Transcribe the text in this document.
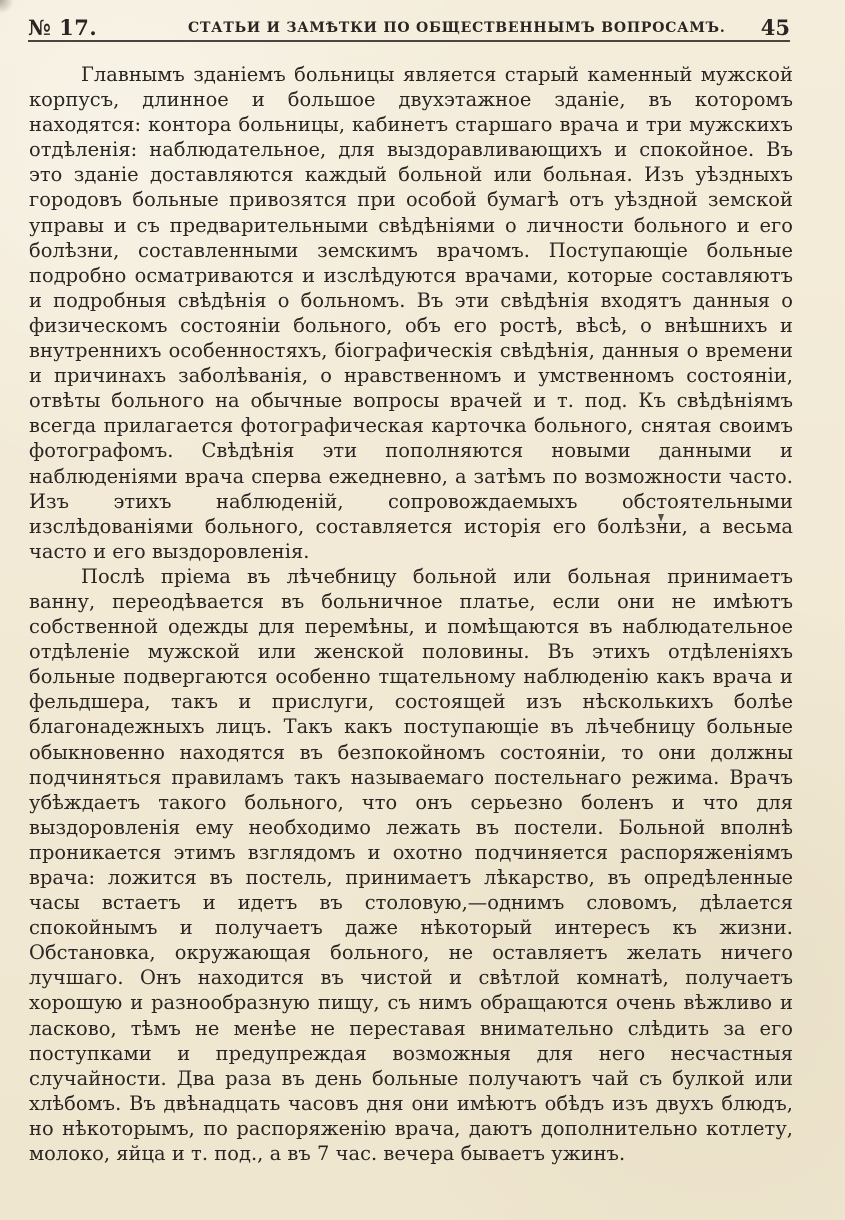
№ 17.	СТАТЬИ И ЗАМѢТКИ ПО ОБЩЕСТВЕННЫМЪ ВОПРОСАМЪ. 45

Главнымъ зданіемъ больницы является старый каменный мужской корпусъ, длинное и большое двухэтажное зданіе, въ которомъ находятся: контора больницы, кабинетъ старшаго врача и три мужскихъ отдѣленія: наблюдательное, для выздоравливающихъ и спокойное. Въ это зданіе доставляются каждый больной или больная. Изъ уѣздныхъ городовъ больные привозятся при особой бумагѣ отъ уѣздной земской управы и съ предварительными свѣдѣніями о личности больного и его болѣзни, составленными земскимъ врачомъ. Поступающіе больные подробно осматриваются и изслѣдуются врачами, которые составляютъ и подробныя свѣдѣнія о больномъ. Въ эти свѣдѣнія входятъ данныя о физическомъ состояніи больного, объ его ростѣ, вѣсѣ, о внѣшнихъ и внутреннихъ особенностяхъ, біографическія свѣдѣнія, данныя о времени и причинахъ заболѣванія, о нравственномъ и умственномъ состояніи, отвѣты больного на обычные вопросы врачей и т. под. Къ свѣдѣніямъ всегда прилагается фотографическая карточка больного, снятая своимъ фотографомъ. Свѣдѣнія эти пополняются новыми данными и наблюденіями врача сперва ежедневно, а затѣмъ по возможности часто. Изъ этихъ наблюденій, сопровождаемыхъ обстоятельными изслѣдованіями больного, составляется исторія его болѣзни, а весьма часто и его выздоровленія.

Послѣ пріема въ лѣчебницу больной или больная принимаетъ ванну, переодѣвается въ больничное платье, если они не имѣютъ собственной одежды для перемѣны, и помѣщаются въ наблюдательное отдѣленіе мужской или женской половины. Въ этихъ отдѣленіяхъ больные подвергаются особенно тщательному наблюденію какъ врача и фельдшера, такъ и прислуги, состоящей изъ нѣсколькихъ болѣе благонадежныхъ лицъ. Такъ какъ поступающіе въ лѣчебницу больные обыкновенно находятся въ безпокойномъ состояніи, то они должны подчиняться правиламъ такъ называемаго постельнаго режима. Врачъ убѣждаетъ такого больного, что онъ серьезно боленъ и что для выздоровленія ему необходимо лежать въ постели. Больной вполнѣ проникается этимъ взглядомъ и охотно подчиняется распоряженіямъ врача: ложится въ постель, принимаетъ лѣкарство, въ опредѣленные часы встаетъ и идетъ въ столовую,—однимъ словомъ, дѣлается спокойнымъ и получаетъ даже нѣкоторый интересъ къ жизни. Обстановка, окружающая больного, не оставляетъ желать ничего лучшаго. Онъ находится въ чистой и свѣтлой комнатѣ, получаетъ хорошую и разнообразную пищу, съ нимъ обращаются очень вѣжливо и ласково, тѣмъ не менѣе не переставая внимательно слѣдить за его поступками и предупреждая возможныя для него несчастныя случайности. Два раза въ день больные получаютъ чай съ булкой или хлѣбомъ. Въ двѣнадцать часовъ дня они имѣютъ обѣдъ изъ двухъ блюдъ, но нѣкоторымъ, по распоряженію врача, даютъ дополнительно котлету, молоко, яйца и т. под., а въ 7 час. вечера бываетъ ужинъ.
